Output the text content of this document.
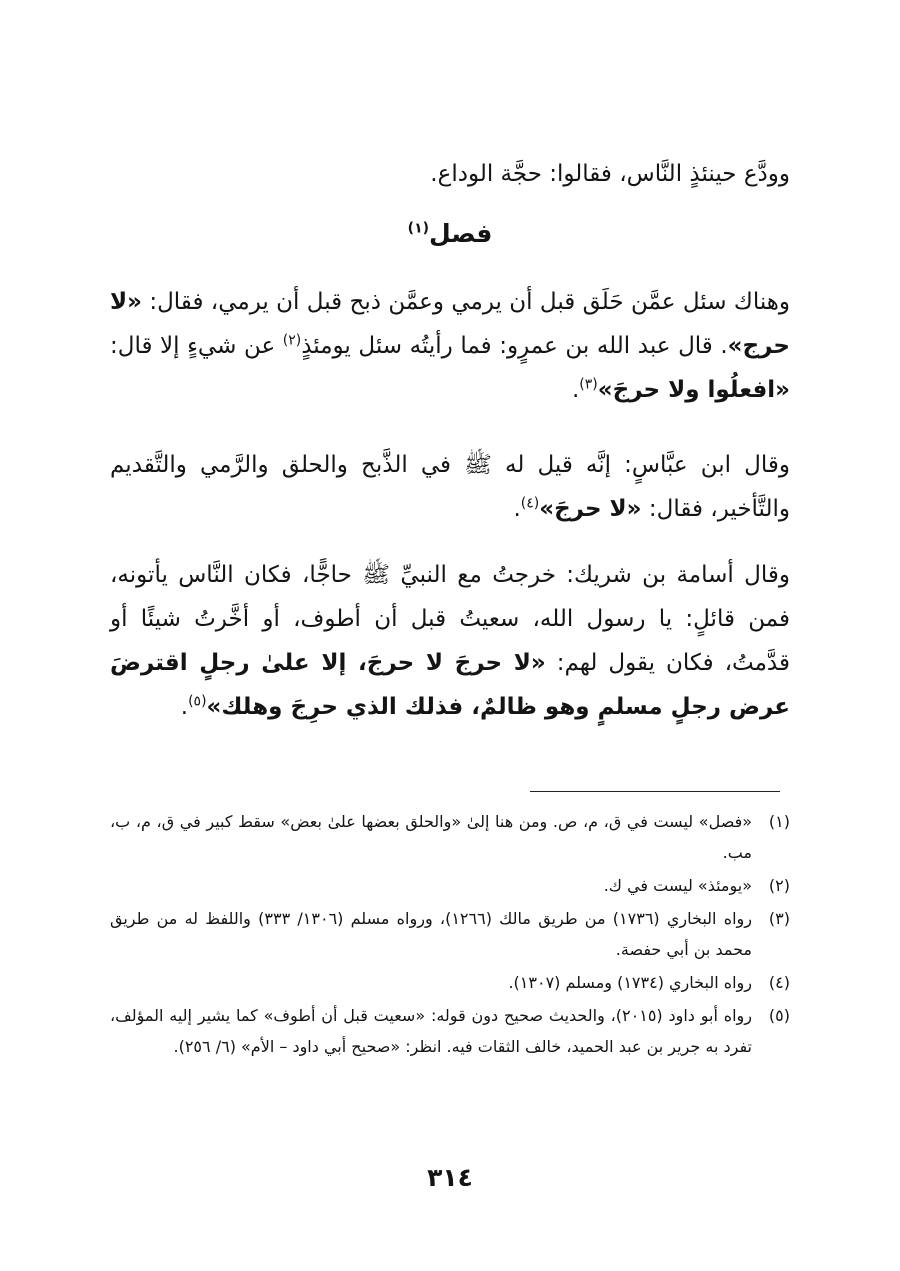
وودَّع حينئذٍ النَّاس، فقالوا: حجَّة الوداع.

فصل$^{(١)}$

وهناك سئل عمَّن حَلَق قبل أن يرمي وعمَّن ذبح قبل أن يرمي، فقال: «لا حرج». قال عبد الله بن عمرٍو: فما رأيتُه سئل يومئذٍ$^{(٢)}$ عن شيءٍ إلا قال: «افعلُوا ولا حرجَ»$^{(٣)}$.

وقال ابن عبَّاسٍ: إنَّه قيل له ﷺ في الذَّبح والحلق والرَّمي والتَّقديم والتَّأخير، فقال: «لا حرجَ»$^{(٤)}$.

وقال أسامة بن شريك: خرجتُ مع النبيِّ ﷺ حاجًّا، فكان النَّاس يأتونه، فمن قائلٍ: يا رسول الله، سعيتُ قبل أن أطوف، أو أخَّرتُ شيئًا أو قدَّمتُ، فكان يقول لهم: «لا حرجَ لا حرجَ، إلا علىٰ رجلٍ اقترضَ عرض رجلٍ مسلمٍ وهو ظالمٌ، فذلك الذي حرِجَ وهلك»$^{(٥)}$.

(١)
«فصل» ليست في ق، م، ص. ومن هنا إلىٰ «والحلق بعضها علىٰ بعض» سقط كبير في ق، م، ب، مب.
(٢)
«يومئذ» ليست في ك.
(٣)
رواه البخاري (١٧٣٦) من طريق مالك (١٢٦٦)، ورواه مسلم (١٣٠٦/ ٣٣٣) واللفظ له من طريق محمد بن أبي حفصة.
(٤)
رواه البخاري (١٧٣٤) ومسلم (١٣٠٧).
(٥)
رواه أبو داود (٢٠١٥)، والحديث صحيح دون قوله: «سعيت قبل أن أطوف» كما يشير إليه المؤلف، تفرد به جرير بن عبد الحميد، خالف الثقات فيه. انظر: «صحيح أبي داود – الأم» (٦/ ٢٥٦).
٣١٤
